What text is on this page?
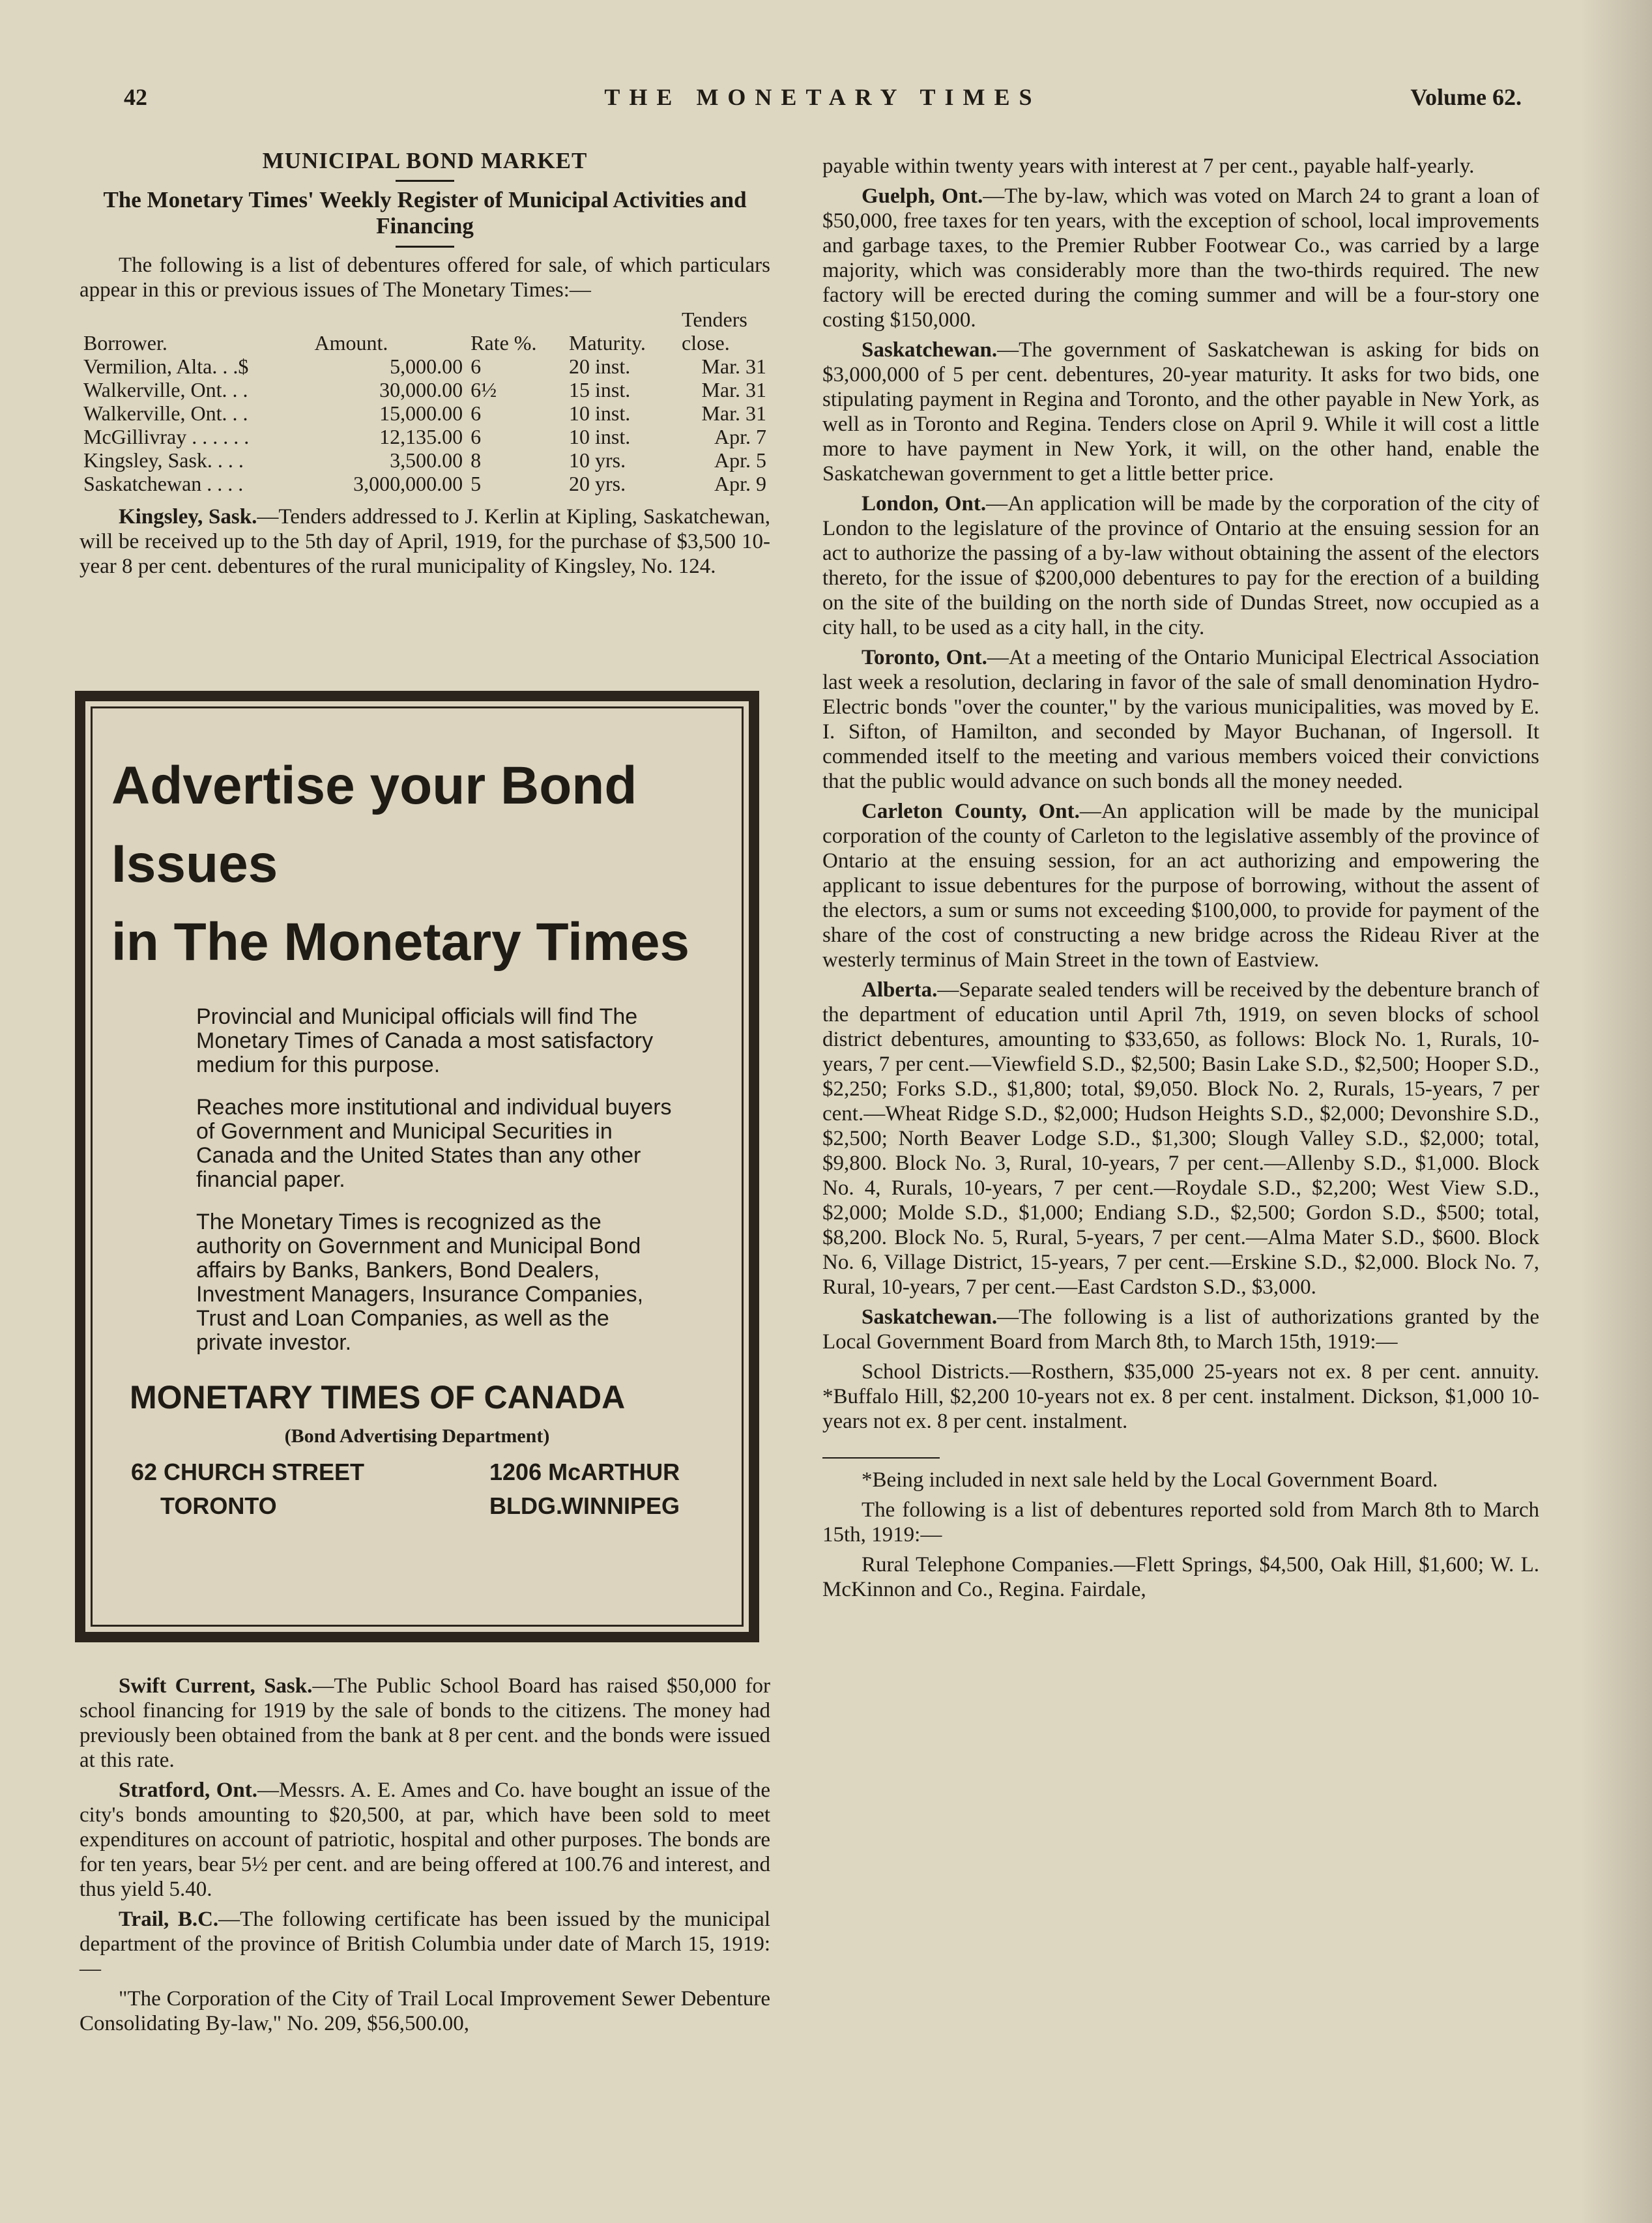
42	THE MONETARY TIMES	Volume 62.
MUNICIPAL BOND MARKET
The Monetary Times' Weekly Register of Municipal Activities and Financing

The following is a list of debentures offered for sale, of which particulars appear in this or previous issues of The Monetary Times:—

Borrower.	Amount.	Rate %.	Maturity.	Tenders close.
Vermilion, Alta. . .$	5,000.00	6	20 inst.	Mar. 31
Walkerville, Ont. . .	30,000.00	6½	15 inst.	Mar. 31
Walkerville, Ont. . .	15,000.00	6	10 inst.	Mar. 31
McGillivray . . . . . .	12,135.00	6	10 inst.	Apr. 7
Kingsley, Sask. . . .	3,500.00	8	10 yrs.	Apr. 5
Saskatchewan . . . .	3,000,000.00	5	20 yrs.	Apr. 9

Kingsley, Sask.—Tenders addressed to J. Kerlin at Kipling, Saskatchewan, will be received up to the 5th day of April, 1919, for the purchase of $3,500 10-year 8 per cent. debentures of the rural municipality of Kingsley, No. 124.

Advertise your Bond Issues
in The Monetary Times
Provincial and Municipal officials will find The Monetary Times of Canada a most satisfactory medium for this purpose.
Reaches more institutional and individual buyers of Government and Municipal Securities in Canada and the United States than any other financial paper.
The Monetary Times is recognized as the authority on Government and Municipal Bond affairs by Banks, Bankers, Bond Dealers, Investment Managers, Insurance Companies, Trust and Loan Companies, as well as the private investor.
MONETARY TIMES OF CANADA
(Bond Advertising Department)
62 CHURCH STREET
TORONTO
1206 McARTHUR BLDG.
WINNIPEG

Swift Current, Sask.—The Public School Board has raised $50,000 for school financing for 1919 by the sale of bonds to the citizens. The money had previously been obtained from the bank at 8 per cent. and the bonds were issued at this rate.

Stratford, Ont.—Messrs. A. E. Ames and Co. have bought an issue of the city's bonds amounting to $20,500, at par, which have been sold to meet expenditures on account of patriotic, hospital and other purposes. The bonds are for ten years, bear 5½ per cent. and are being offered at 100.76 and interest, and thus yield 5.40.

Trail, B.C.—The following certificate has been issued by the municipal department of the province of British Columbia under date of March 15, 1919:—

"The Corporation of the City of Trail Local Improvement Sewer Debenture Consolidating By-law," No. 209, $56,500.00,

payable within twenty years with interest at 7 per cent., payable half-yearly.

Guelph, Ont.—The by-law, which was voted on March 24 to grant a loan of $50,000, free taxes for ten years, with the exception of school, local improvements and garbage taxes, to the Premier Rubber Footwear Co., was carried by a large majority, which was considerably more than the two-thirds required. The new factory will be erected during the coming summer and will be a four-story one costing $150,000.

Saskatchewan.—The government of Saskatchewan is asking for bids on $3,000,000 of 5 per cent. debentures, 20-year maturity. It asks for two bids, one stipulating payment in Regina and Toronto, and the other payable in New York, as well as in Toronto and Regina. Tenders close on April 9. While it will cost a little more to have payment in New York, it will, on the other hand, enable the Saskatchewan government to get a little better price.

London, Ont.—An application will be made by the corporation of the city of London to the legislature of the province of Ontario at the ensuing session for an act to authorize the passing of a by-law without obtaining the assent of the electors thereto, for the issue of $200,000 debentures to pay for the erection of a building on the site of the building on the north side of Dundas Street, now occupied as a city hall, to be used as a city hall, in the city.

Toronto, Ont.—At a meeting of the Ontario Municipal Electrical Association last week a resolution, declaring in favor of the sale of small denomination Hydro-Electric bonds "over the counter," by the various municipalities, was moved by E. I. Sifton, of Hamilton, and seconded by Mayor Buchanan, of Ingersoll. It commended itself to the meeting and various members voiced their convictions that the public would advance on such bonds all the money needed.

Carleton County, Ont.—An application will be made by the municipal corporation of the county of Carleton to the legislative assembly of the province of Ontario at the ensuing session, for an act authorizing and empowering the applicant to issue debentures for the purpose of borrowing, without the assent of the electors, a sum or sums not exceeding $100,000, to provide for payment of the share of the cost of constructing a new bridge across the Rideau River at the westerly terminus of Main Street in the town of Eastview.

Alberta.—Separate sealed tenders will be received by the debenture branch of the department of education until April 7th, 1919, on seven blocks of school district debentures, amounting to $33,650, as follows: Block No. 1, Rurals, 10-years, 7 per cent.—Viewfield S.D., $2,500; Basin Lake S.D., $2,500; Hooper S.D., $2,250; Forks S.D., $1,800; total, $9,050. Block No. 2, Rurals, 15-years, 7 per cent.—Wheat Ridge S.D., $2,000; Hudson Heights S.D., $2,000; Devonshire S.D., $2,500; North Beaver Lodge S.D., $1,300; Slough Valley S.D., $2,000; total, $9,800. Block No. 3, Rural, 10-years, 7 per cent.—Allenby S.D., $1,000. Block No. 4, Rurals, 10-years, 7 per cent.—Roydale S.D., $2,200; West View S.D., $2,000; Molde S.D., $1,000; Endiang S.D., $2,500; Gordon S.D., $500; total, $8,200. Block No. 5, Rural, 5-years, 7 per cent.—Alma Mater S.D., $600. Block No. 6, Village District, 15-years, 7 per cent.—Erskine S.D., $2,000. Block No. 7, Rural, 10-years, 7 per cent.—East Cardston S.D., $3,000.

Saskatchewan.—The following is a list of authorizations granted by the Local Government Board from March 8th, to March 15th, 1919:—

School Districts.—Rosthern, $35,000 25-years not ex. 8 per cent. annuity. *Buffalo Hill, $2,200 10-years not ex. 8 per cent. instalment. Dickson, $1,000 10-years not ex. 8 per cent. instalment.

*Being included in next sale held by the Local Government Board.

The following is a list of debentures reported sold from March 8th to March 15th, 1919:—

Rural Telephone Companies.—Flett Springs, $4,500, Oak Hill, $1,600; W. L. McKinnon and Co., Regina. Fairdale,
